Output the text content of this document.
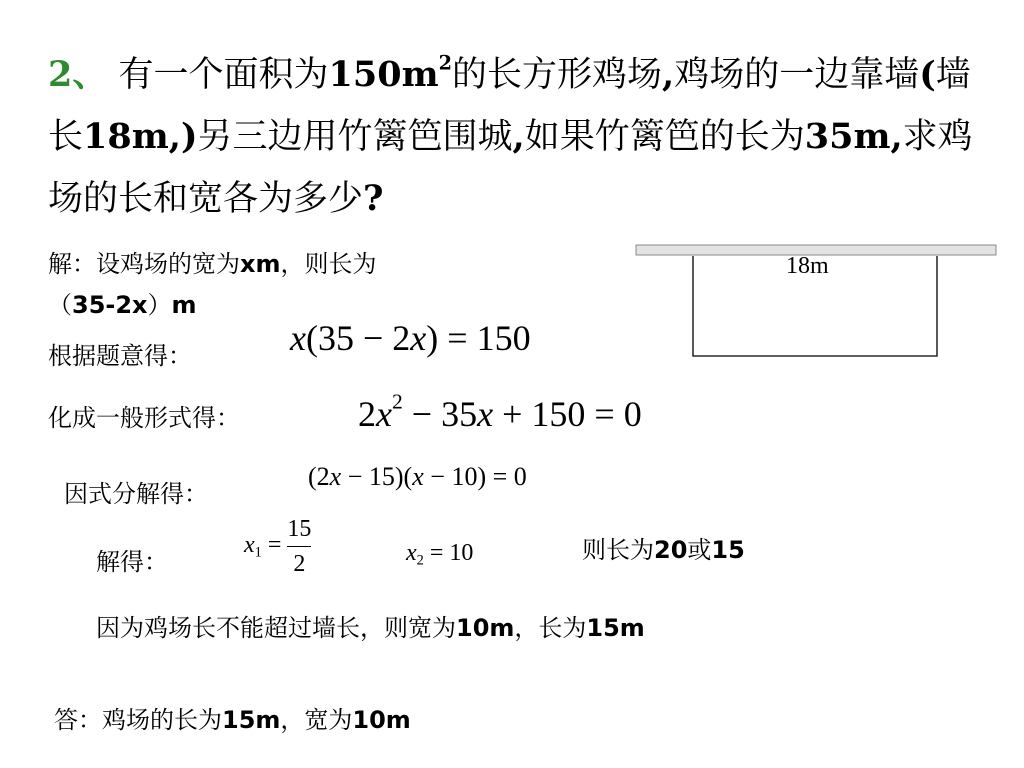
2、 有一个面积为$150m^2$的长方形鸡场,鸡场的一边靠墙(墙长18m,)另三边用竹篱笆围城,如果竹篱笆的长为35m,求鸡场的长和宽各为多少?
18m
解：设鸡场的宽为xm，则长为
（35-2x）m
根据题意得：	x(35 − 2x) = 150
化成一般形式得：	$2x^2 - 35x + 150 = 0$
因式分解得：
(2x − 15)(x − 10) = 0
解得：
$x_1 = \frac{15}{2}$	$x_2 = 10$	则长为20或15
因为鸡场长不能超过墙长，则宽为10m，长为15m
答：鸡场的长为15m，宽为10m
